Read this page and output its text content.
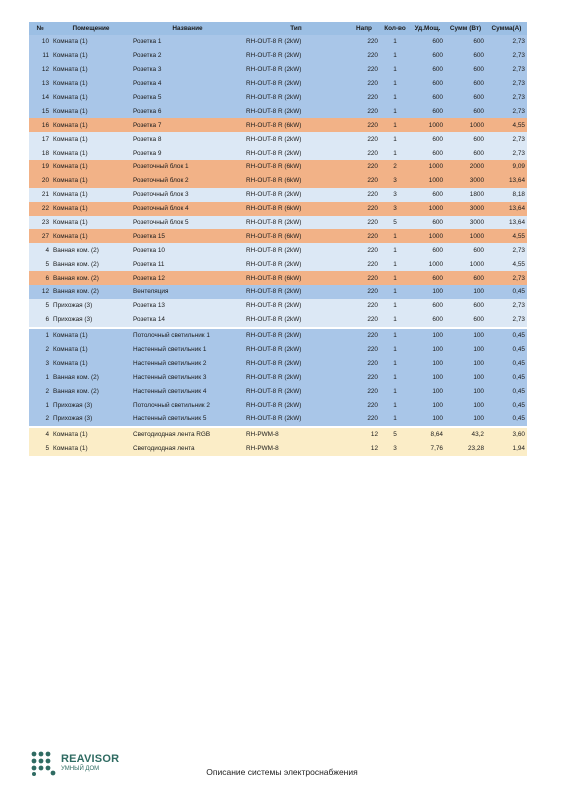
№	Помещение	Название	Тип	Напр	Кол-во	Уд.Мощ.	Сумм (Вт)	Сумма(А)
10	Комната (1)	Розетка 1	RH-OUT-8 R (2kW)	220	1	600	600	2,73
11	Комната (1)	Розетка 2	RH-OUT-8 R (2kW)	220	1	600	600	2,73
12	Комната (1)	Розетка 3	RH-OUT-8 R (2kW)	220	1	600	600	2,73
13	Комната (1)	Розетка 4	RH-OUT-8 R (2kW)	220	1	600	600	2,73
14	Комната (1)	Розетка 5	RH-OUT-8 R (2kW)	220	1	600	600	2,73
15	Комната (1)	Розетка 6	RH-OUT-8 R (2kW)	220	1	600	600	2,73
16	Комната (1)	Розетка 7	RH-OUT-8 R (6kW)	220	1	1000	1000	4,55
17	Комната (1)	Розетка 8	RH-OUT-8 R (2kW)	220	1	600	600	2,73
18	Комната (1)	Розетка 9	RH-OUT-8 R (2kW)	220	1	600	600	2,73
19	Комната (1)	Розеточный блок 1	RH-OUT-8 R (6kW)	220	2	1000	2000	9,09
20	Комната (1)	Розеточный блок 2	RH-OUT-8 R (6kW)	220	3	1000	3000	13,64
21	Комната (1)	Розеточный блок 3	RH-OUT-8 R (2kW)	220	3	600	1800	8,18
22	Комната (1)	Розеточный блок 4	RH-OUT-8 R (6kW)	220	3	1000	3000	13,64
23	Комната (1)	Розеточный блок 5	RH-OUT-8 R (2kW)	220	5	600	3000	13,64
27	Комната (1)	Розетка 15	RH-OUT-8 R (6kW)	220	1	1000	1000	4,55
4	Ванная ком. (2)	Розетка 10	RH-OUT-8 R (2kW)	220	1	600	600	2,73
5	Ванная ком. (2)	Розетка 11	RH-OUT-8 R (2kW)	220	1	1000	1000	4,55
6	Ванная ком. (2)	Розетка 12	RH-OUT-8 R (6kW)	220	1	600	600	2,73
12	Ванная ком. (2)	Вентеляция	RH-OUT-8 R (2kW)	220	1	100	100	0,45
5	Прихожая (3)	Розетка 13	RH-OUT-8 R (2kW)	220	1	600	600	2,73
6	Прихожая (3)	Розетка 14	RH-OUT-8 R (2kW)	220	1	600	600	2,73

1	Комната (1)	Потолочный светильник 1	RH-OUT-8 R (2kW)	220	1	100	100	0,45
2	Комната (1)	Настенный светильник 1	RH-OUT-8 R (2kW)	220	1	100	100	0,45
3	Комната (1)	Настенный светильник 2	RH-OUT-8 R (2kW)	220	1	100	100	0,45
1	Ванная ком. (2)	Настенный светильник 3	RH-OUT-8 R (2kW)	220	1	100	100	0,45
2	Ванная ком. (2)	Настенный светильник 4	RH-OUT-8 R (2kW)	220	1	100	100	0,45
1	Прихожая (3)	Потолочный светильник 2	RH-OUT-8 R (2kW)	220	1	100	100	0,45
2	Прихожая (3)	Настенный светильник 5	RH-OUT-8 R (2kW)	220	1	100	100	0,45

4	Комната (1)	Светодиодная лента RGB	RH-PWM-8	12	5	8,64	43,2	3,60
5	Комната (1)	Светодиодная лента	RH-PWM-8	12	3	7,76	23,28	1,94
REAVISOR
УМНЫЙ ДОМ	Описание системы электроснабжения
